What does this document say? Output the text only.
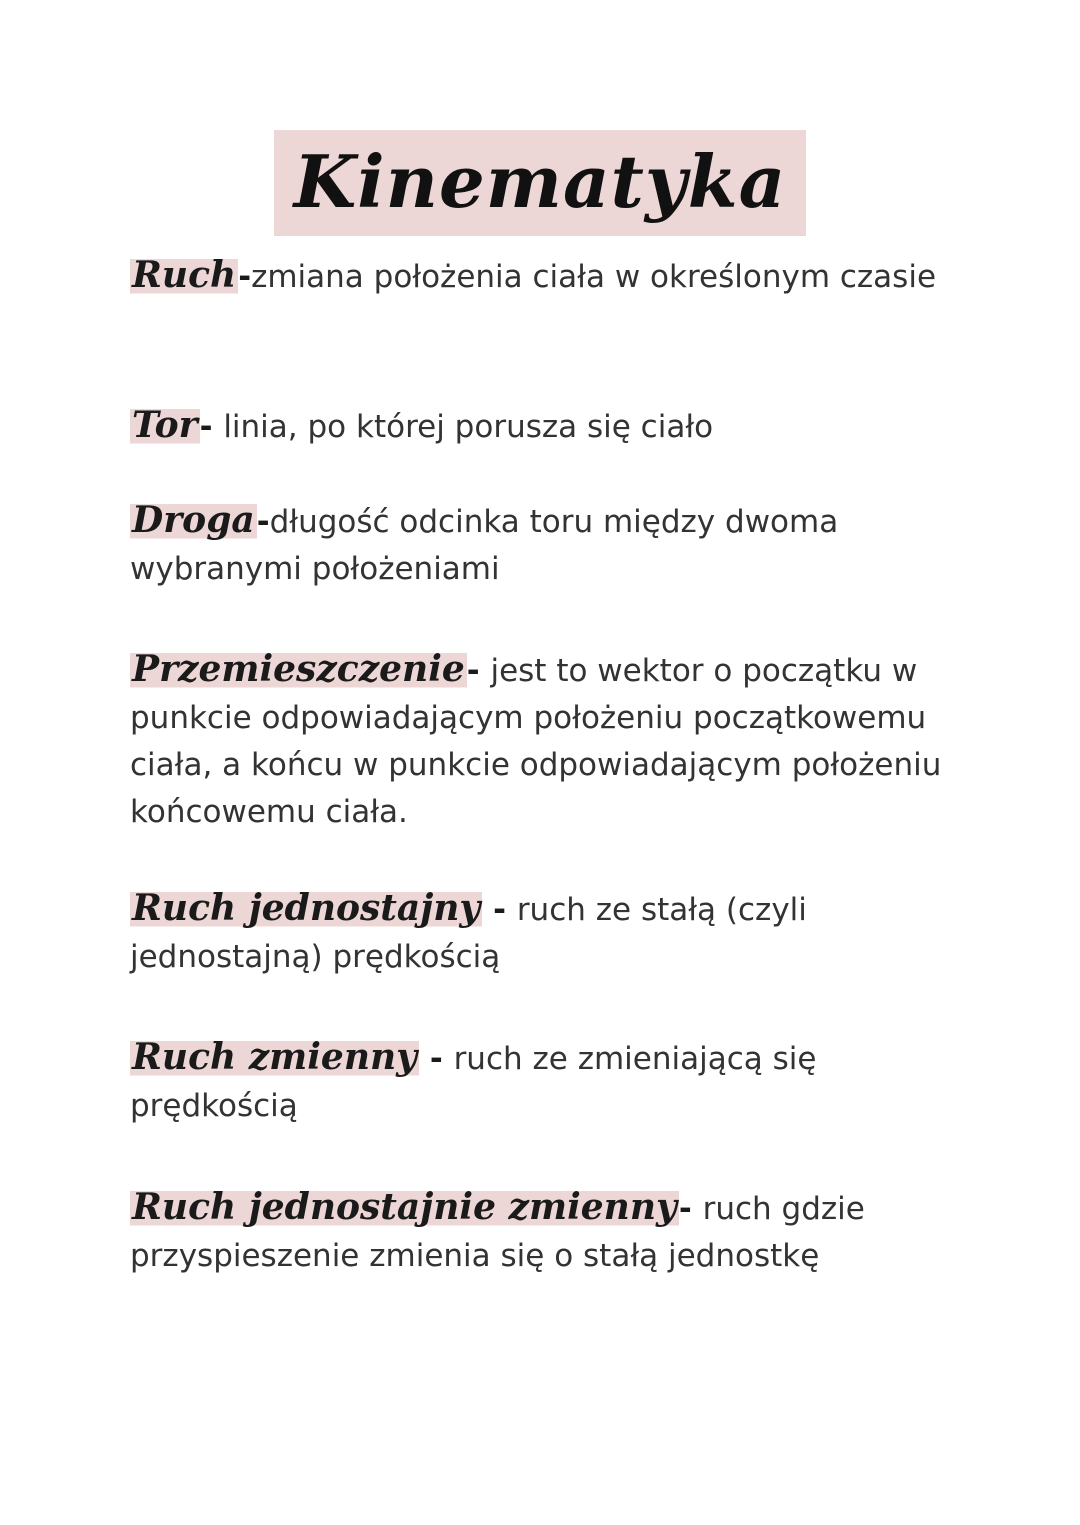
Kinematyka
Ruch-zmiana położenia ciała w określonym czasie
Tor- linia, po której porusza się ciało
Droga-długość odcinka toru między dwoma wybranymi położeniami
Przemieszczenie- jest to wektor o początku w punkcie odpowiadającym położeniu początkowemu ciała, a końcu w punkcie odpowiadającym położeniu końcowemu ciała.
Ruch jednostajny - ruch ze stałą (czyli jednostajną) prędkością
Ruch zmienny - ruch ze zmieniającą się prędkością
Ruch jednostajnie zmienny- ruch gdzie przyspieszenie zmienia się o stałą jednostkę
